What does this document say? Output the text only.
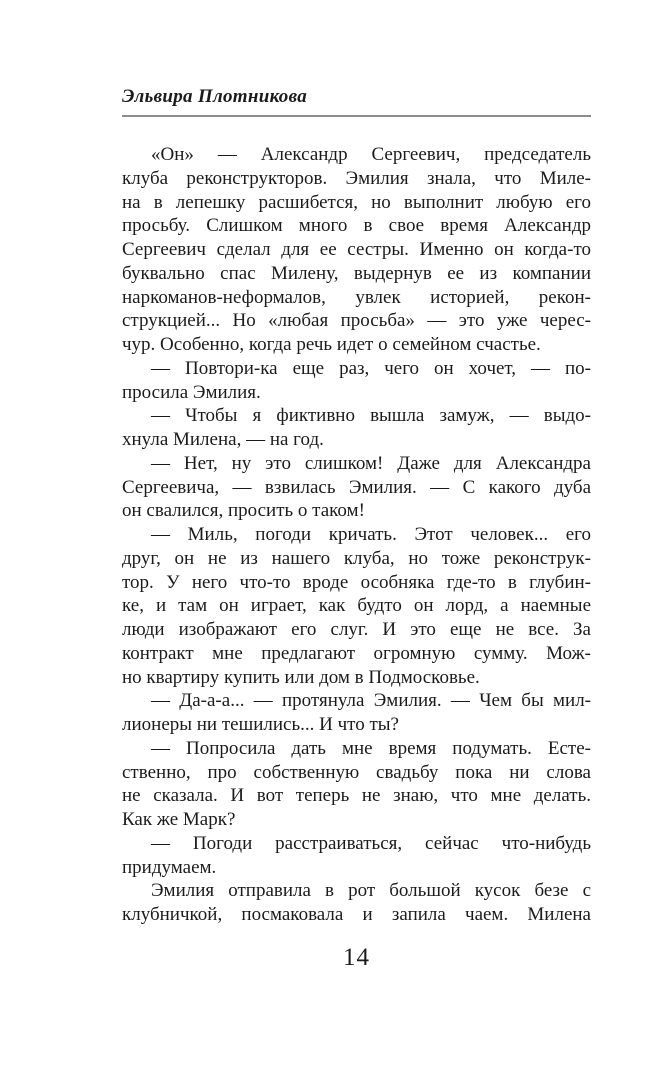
Эльвира Плотникова
«Он» — Александр Сергеевич, председатель
клуба реконструкторов. Эмилия знала, что Миле-
на в лепешку расшибется, но выполнит любую его
просьбу. Слишком много в свое время Александр
Сергеевич сделал для ее сестры. Именно он когда-то
буквально спас Милену, выдернув ее из компании
наркоманов-неформалов, увлек историей, рекон-
струкцией... Но «любая просьба» — это уже черес-
чур. Особенно, когда речь идет о семейном счастье.
— Повтори-ка еще раз, чего он хочет, — по-
просила Эмилия.
— Чтобы я фиктивно вышла замуж, — выдо-
хнула Милена, — на год.
— Нет, ну это слишком! Даже для Александра
Сергеевича, — взвилась Эмилия. — С какого дуба
он свалился, просить о таком!
— Миль, погоди кричать. Этот человек... его
друг, он не из нашего клуба, но тоже реконструк-
тор. У него что-то вроде особняка где-то в глубин-
ке, и там он играет, как будто он лорд, а наемные
люди изображают его слуг. И это еще не все. За
контракт мне предлагают огромную сумму. Мож-
но квартиру купить или дом в Подмосковье.
— Да-а-а... — протянула Эмилия. — Чем бы мил-
лионеры ни тешились... И что ты?
— Попросила дать мне время подумать. Есте-
ственно, про собственную свадьбу пока ни слова
не сказала. И вот теперь не знаю, что мне делать.
Как же Марк?
— Погоди расстраиваться, сейчас что-нибудь
придумаем.
Эмилия отправила в рот большой кусок безе с
клубничкой, посмаковала и запила чаем. Милена
14
